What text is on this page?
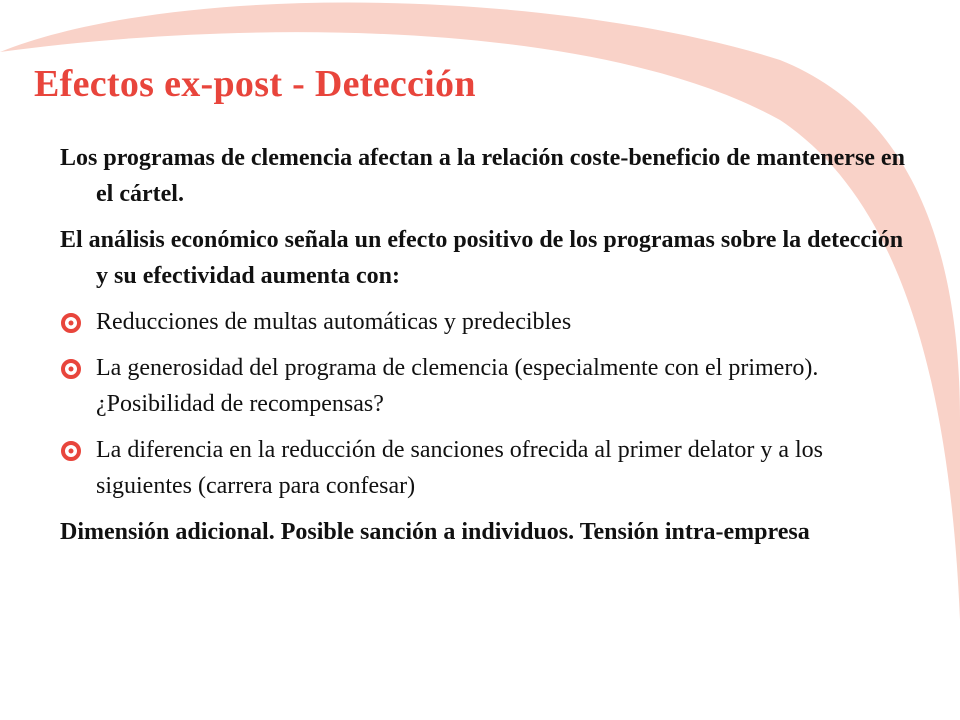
Efectos ex-post - Detección

Los programas de clemencia afectan a la relación coste-beneficio de mantenerse en el cártel.

El análisis económico señala un efecto positivo de los programas sobre la detección y su efectividad aumenta con:

Reducciones de multas automáticas y predecibles

La generosidad del programa de clemencia (especialmente con el primero). ¿Posibilidad de recompensas?

La diferencia en la reducción de sanciones ofrecida al primer delator y a los siguientes (carrera para confesar)

Dimensión adicional. Posible sanción a individuos. Tensión intra-empresa
